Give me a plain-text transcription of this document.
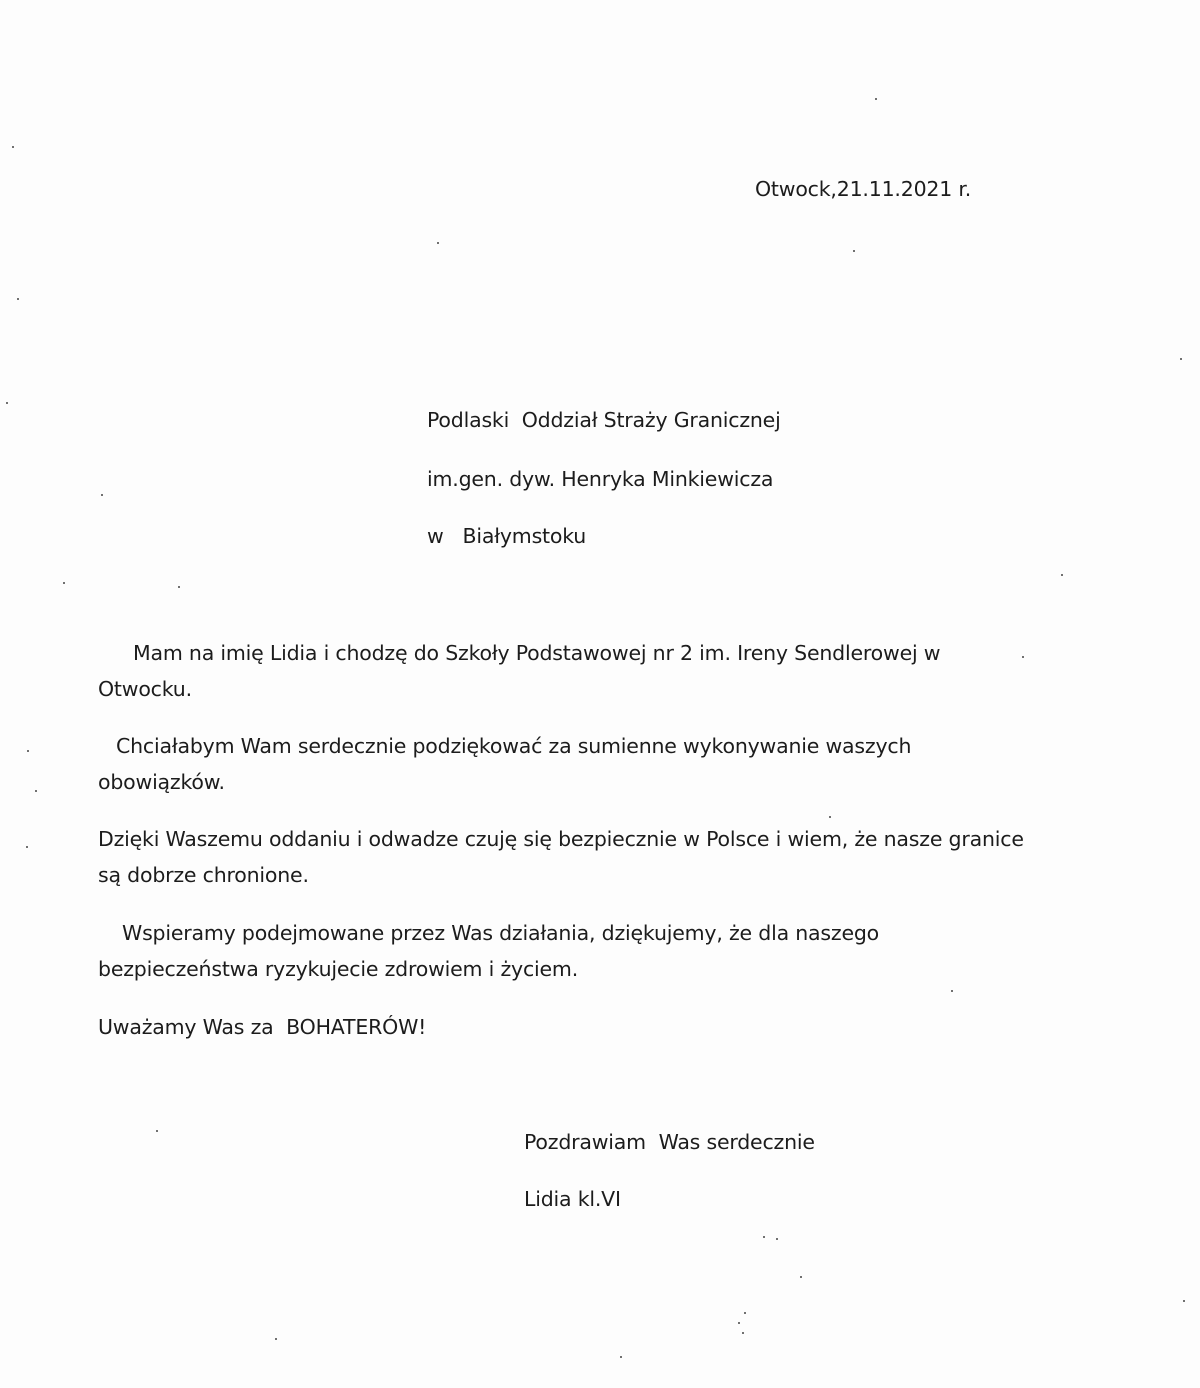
Otwock,21.11.2021 r.
Podlaski  Oddział Straży Granicznej
im.gen. dyw. Henryka Minkiewicza
w   Białymstoku
Mam na imię Lidia i chodzę do Szkoły Podstawowej nr 2 im. Ireny Sendlerowej w
Otwocku.
Chciałabym Wam serdecznie podziękować za sumienne wykonywanie waszych
obowiązków.
Dzięki Waszemu oddaniu i odwadze czuję się bezpiecznie w Polsce i wiem, że nasze granice
są dobrze chronione.
Wspieramy podejmowane przez Was działania, dziękujemy, że dla naszego
bezpieczeństwa ryzykujecie zdrowiem i życiem.
Uważamy Was za  BOHATERÓW!
Pozdrawiam  Was serdecznie
Lidia kl.VI
